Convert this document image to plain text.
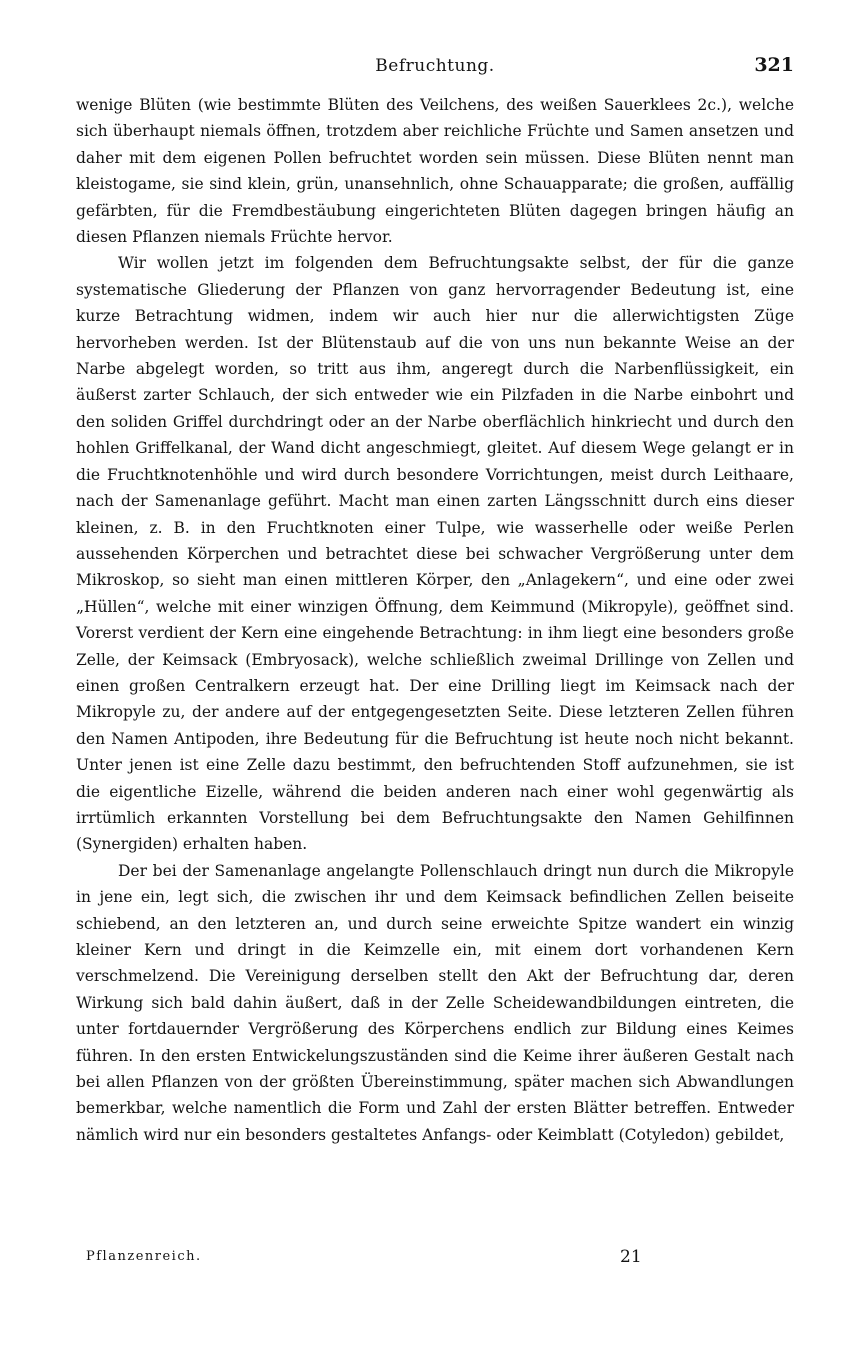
Befruchtung.	321

wenige Blüten (wie bestimmte Blüten des Veilchens, des weißen Sauerklees 2c.), welche sich überhaupt niemals öffnen, trotzdem aber reichliche Früchte und Samen ansetzen und daher mit dem eigenen Pollen befruchtet worden sein müssen. Diese Blüten nennt man kleistogame, sie sind klein, grün, unansehnlich, ohne Schauapparate; die großen, auffällig gefärbten, für die Fremdbestäubung eingerichteten Blüten dagegen bringen häufig an diesen Pflanzen niemals Früchte hervor.

Wir wollen jetzt im folgenden dem Befruchtungsakte selbst, der für die ganze systematische Gliederung der Pflanzen von ganz hervorragender Bedeutung ist, eine kurze Betrachtung widmen, indem wir auch hier nur die allerwichtigsten Züge hervorheben werden. Ist der Blütenstaub auf die von uns nun bekannte Weise an der Narbe abgelegt worden, so tritt aus ihm, angeregt durch die Narbenflüssigkeit, ein äußerst zarter Schlauch, der sich entweder wie ein Pilzfaden in die Narbe einbohrt und den soliden Griffel durchdringt oder an der Narbe oberflächlich hinkriecht und durch den hohlen Griffelkanal, der Wand dicht angeschmiegt, gleitet. Auf diesem Wege gelangt er in die Fruchtknotenhöhle und wird durch besondere Vorrichtungen, meist durch Leithaare, nach der Samenanlage geführt. Macht man einen zarten Längsschnitt durch eins dieser kleinen, z. B. in den Fruchtknoten einer Tulpe, wie wasserhelle oder weiße Perlen aussehenden Körperchen und betrachtet diese bei schwacher Vergrößerung unter dem Mikroskop, so sieht man einen mittleren Körper, den „Anlagekern“, und eine oder zwei „Hüllen“, welche mit einer winzigen Öffnung, dem Keimmund (Mikropyle), geöffnet sind. Vorerst verdient der Kern eine eingehende Betrachtung: in ihm liegt eine besonders große Zelle, der Keimsack (Embryosack), welche schließlich zweimal Drillinge von Zellen und einen großen Centralkern erzeugt hat. Der eine Drilling liegt im Keimsack nach der Mikropyle zu, der andere auf der entgegengesetzten Seite. Diese letzteren Zellen führen den Namen Antipoden, ihre Bedeutung für die Befruchtung ist heute noch nicht bekannt. Unter jenen ist eine Zelle dazu bestimmt, den befruchtenden Stoff aufzunehmen, sie ist die eigentliche Eizelle, während die beiden anderen nach einer wohl gegenwärtig als irrtümlich erkannten Vorstellung bei dem Befruchtungsakte den Namen Gehilfinnen (Synergiden) erhalten haben.

Der bei der Samenanlage angelangte Pollenschlauch dringt nun durch die Mikropyle in jene ein, legt sich, die zwischen ihr und dem Keimsack befindlichen Zellen beiseite schiebend, an den letzteren an, und durch seine erweichte Spitze wandert ein winzig kleiner Kern und dringt in die Keimzelle ein, mit einem dort vorhandenen Kern verschmelzend. Die Vereinigung derselben stellt den Akt der Befruchtung dar, deren Wirkung sich bald dahin äußert, daß in der Zelle Scheidewandbildungen eintreten, die unter fortdauernder Vergrößerung des Körperchens endlich zur Bildung eines Keimes führen. In den ersten Entwickelungszuständen sind die Keime ihrer äußeren Gestalt nach bei allen Pflanzen von der größten Übereinstimmung, später machen sich Abwandlungen bemerkbar, welche namentlich die Form und Zahl der ersten Blätter betreffen. Entweder nämlich wird nur ein besonders gestaltetes Anfangs- oder Keimblatt (Cotyledon) gebildet,

Pflanzenreich.	21
